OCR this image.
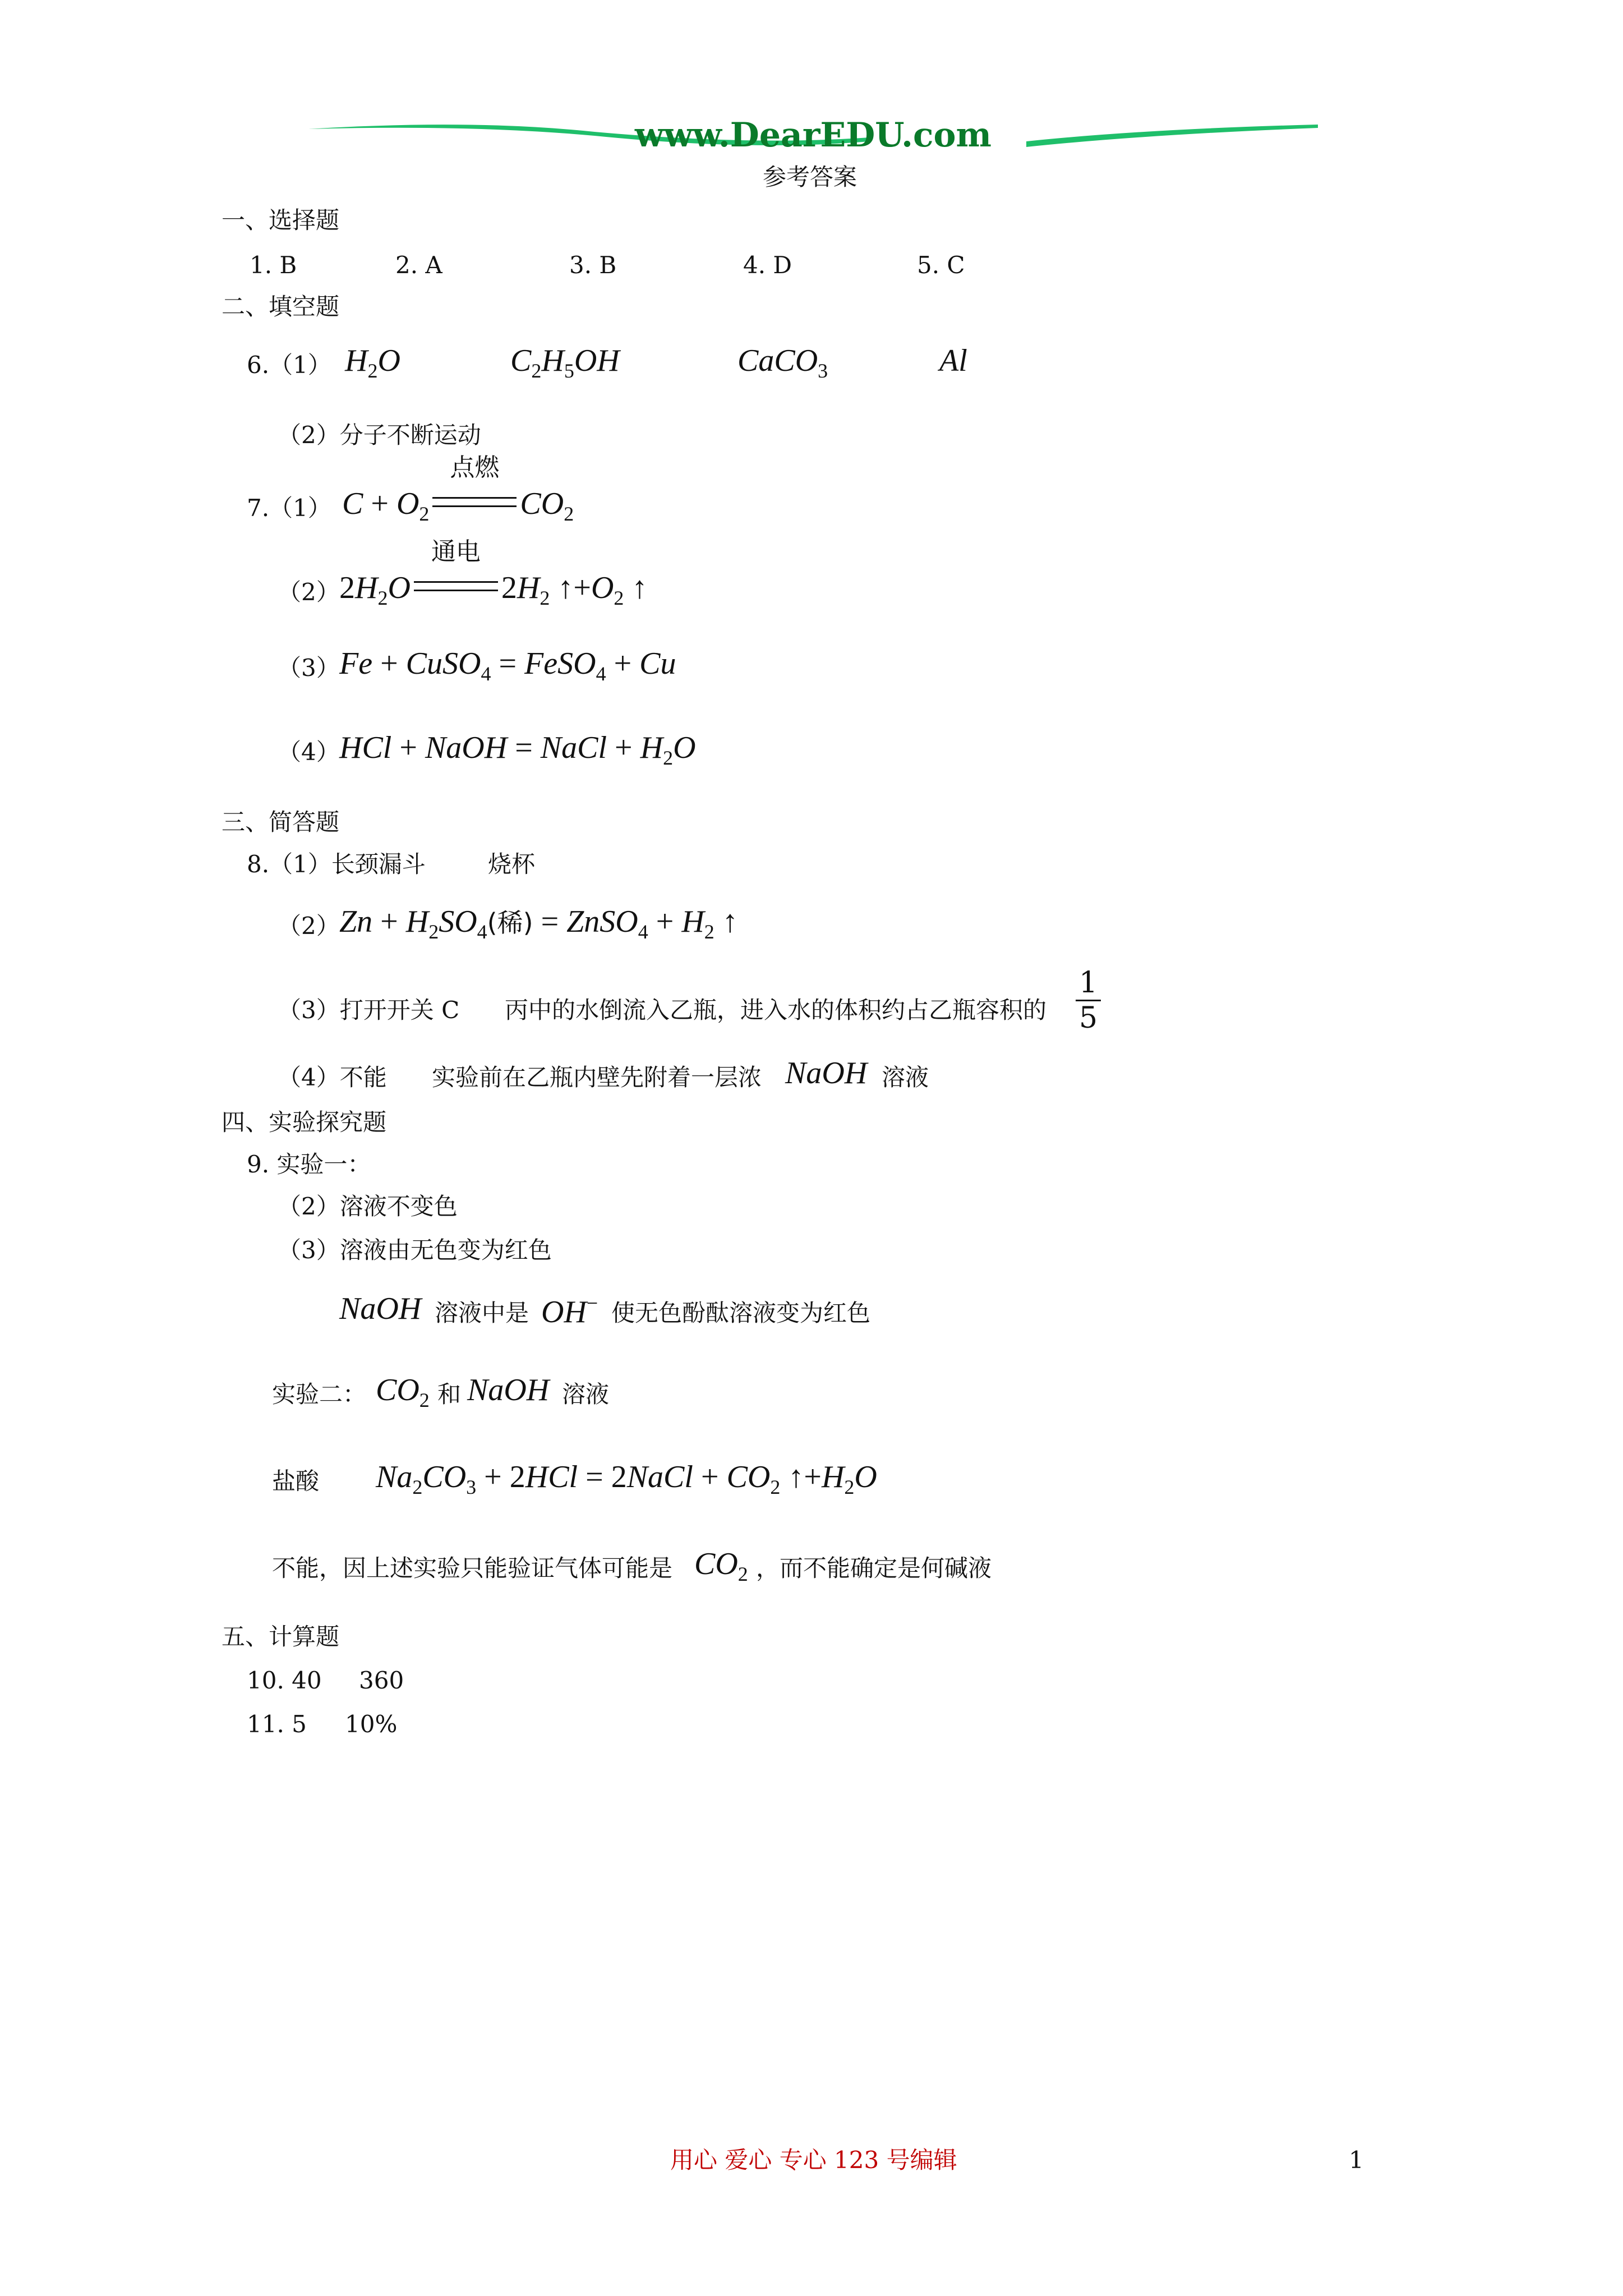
www.DearEDU.com
参考答案
一、选择题
1. B	2. A	3. B	4. D	5. C
二、填空题
6.（1） $H_2O$	$C_2H_5OH$	CaCO$_3$	Al
（2）分子不断运动
7.（1） $C + O_2$
点燃
$CO_2$
（2） $2H_2O$
通电
$2H_2$ $↑+O_2$ ↑
（3） Fe + CuSO$_4$ = FeSO$_4$ + Cu
（4） HCl + NaOH = NaCl + $H_2O$
三、简答题
8.（1）长颈漏斗	烧杯
（2） $Zn + H_2SO_4$(稀) = ZnSO$_4$ + $H_2$ ↑
（3）打开开关 C 丙中的水倒流入乙瓶，进入水的体积约占乙瓶容积的 $\frac{1}{5}$
（4）不能 实验前在乙瓶内壁先附着一层浓 NaOH 溶液
四、实验探究题
9. 实验一：
（2）溶液不变色
（3）溶液由无色变为红色
NaOH 溶液中是 OH− 使无色酚酞溶液变为红色
实验二： $CO_2$ 和 NaOH 溶液
盐酸 $Na_2CO_3 + 2HCl$ = 2NaCl + $CO_2$ $↑+H_2O$
不能，因上述实验只能验证气体可能是 $CO_2$ ，而不能确定是何碱液
五、计算题
10. 40 360
11. 5 10%
用心 爱心 专心 123 号编辑	1
